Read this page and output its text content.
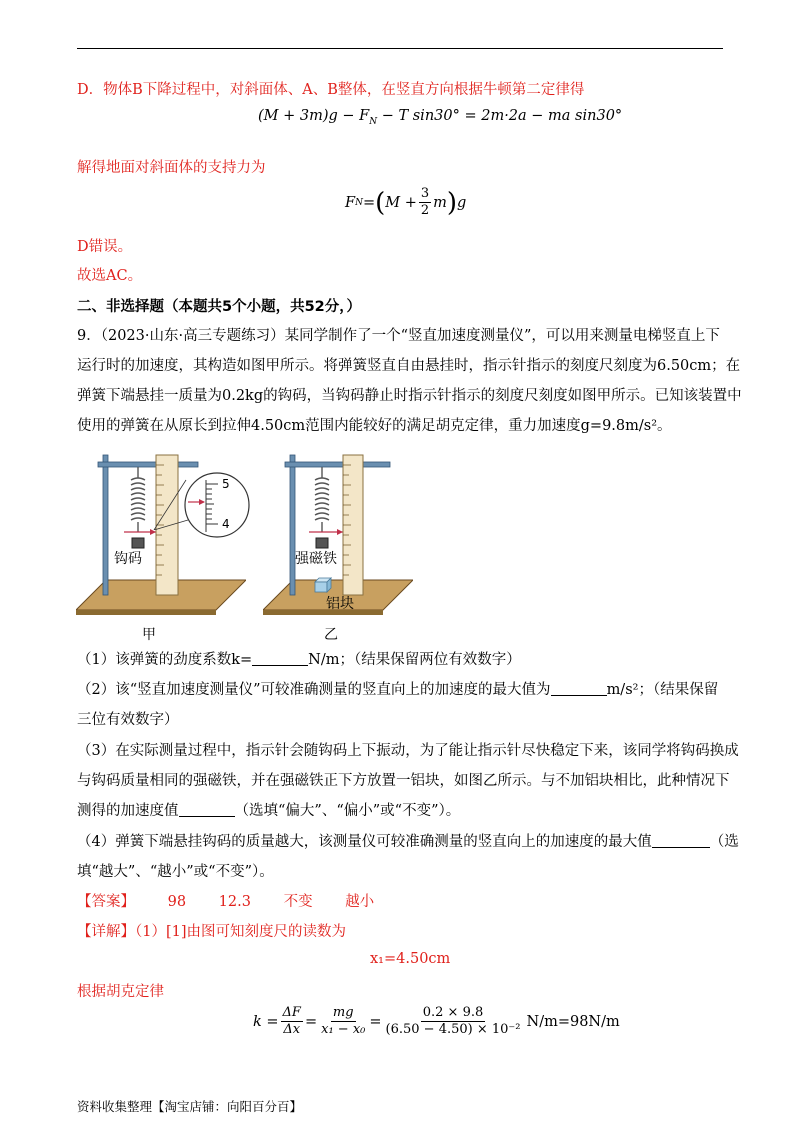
D．物体B下降过程中，对斜面体、A、B整体，在竖直方向根据牛顿第二定律得
$(M + 3m)g - F_N - T$ sin30° = 2m·2a − ma sin30°
解得地面对斜面体的支持力为
F N = ( $M + \frac{3}{2}$ m ) g
D错误。
故选AC。
二、非选择题（本题共5个小题，共52分，）
9．（2023·山东·高三专题练习）某同学制作了一个“竖直加速度测量仪”，可以用来测量电梯竖直上下
运行时的加速度，其构造如图甲所示。将弹簧竖直自由悬挂时，指示针指示的刻度尺刻度为6.50cm；在
弹簧下端悬挂一质量为0.2kg的钩码，当钩码静止时指示针指示的刻度尺刻度如图甲所示。已知该装置中
使用的弹簧在从原长到拉伸4.50cm范围内能较好的满足胡克定律，重力加速度g=9.8m/s²。
钩码
5
4
强磁铁
铝块
甲	乙
（1）该弹簧的劲度系数k=	N/m；（结果保留两位有效数字）
（2）该“竖直加速度测量仪”可较准确测量的竖直向上的加速度的最大值为	m/s²；（结果保留
三位有效数字）
（3）在实际测量过程中，指示针会随钩码上下振动，为了能让指示针尽快稳定下来，该同学将钩码换成
与钩码质量相同的强磁铁，并在强磁铁正下方放置一铝块，如图乙所示。与不加铝块相比，此种情况下
测得的加速度值	（选填“偏大”、“偏小”或“不变”）。
（4）弹簧下端悬挂钩码的质量越大，该测量仪可较准确测量的竖直向上的加速度的最大值	（选
填“越大”、“越小”或“不变”）。
【答案】 98 12.3 不变 越小
【详解】（1）[1]由图可知刻度尺的读数为
x₁=4.50cm
根据胡克定律
$k = \frac{\Delta F}{\Delta x} = \frac{mg}{\text{x₁ − x₀}} = \frac{0.2 \times 9.8}{\text{(6.50 − 4.50) × 10⁻²}} N/m=98N/m$
资料收集整理【淘宝店铺：向阳百分百】
